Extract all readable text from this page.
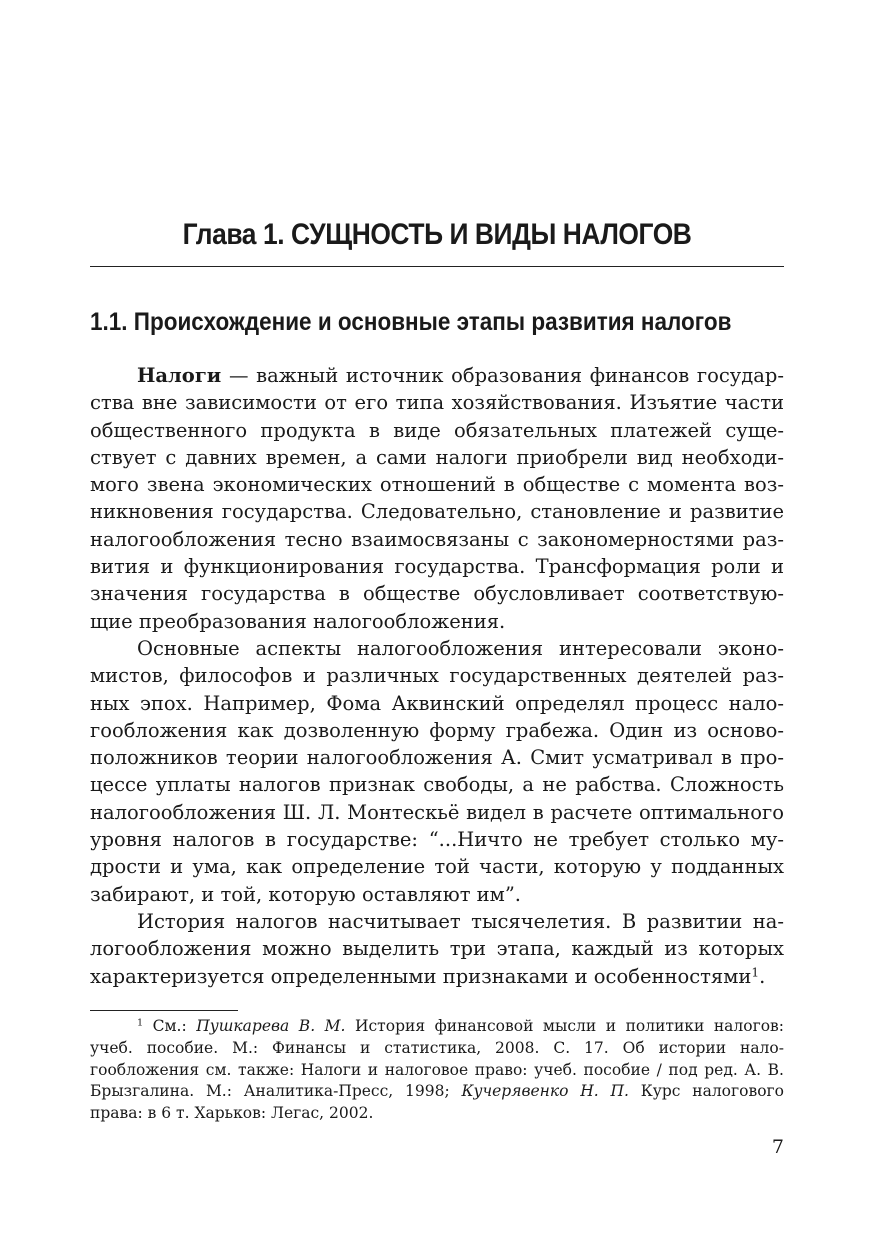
Глава 1. СУЩНОСТЬ И ВИДЫ НАЛОГОВ
1.1. Происхождение и основные этапы развития налогов

Налоги — важный источник образования финансов государства вне зависимости от его типа хозяйствования. Изъятие части общественного продукта в виде обязательных платежей существует с давних времен, а сами налоги приобрели вид необходимого звена экономических отношений в обществе с момента возникновения государства. Следовательно, становление и развитие налогообложения тесно взаимосвязаны с закономерностями развития и функционирования государства. Трансформация роли и значения государства в обществе обусловливает соответствующие преобразования налогообложения.

Основные аспекты налогообложения интересовали экономистов, философов и различных государственных деятелей разных эпох. Например, Фома Аквинский определял процесс налогообложения как дозволенную форму грабежа. Один из основоположников теории налогообложения А. Смит усматривал в процессе уплаты налогов признак свободы, а не рабства. Сложность налогообложения Ш. Л. Монтескьё видел в расчете оптимального уровня налогов в государстве: “...Ничто не требует столько мудрости и ума, как определение той части, которую у подданных забирают, и той, которую оставляют им”.

История налогов насчитывает тысячелетия. В развитии налогообложения можно выделить три этапа, каждый из которых характеризуется определенными признаками и особенностями$^1$.

$^1$ См.: Пушкарева В. М. История финансовой мысли и политики налогов: учеб. пособие. М.: Финансы и статистика, 2008. С. 17. Об истории налогообложения см. также: Налоги и налоговое право: учеб. пособие / под ред. А. В. Брызгалина. М.: Аналитика-Пресс, 1998; Кучерявенко Н. П. Курс налогового права: в 6 т. Харьков: Легас, 2002.

7
